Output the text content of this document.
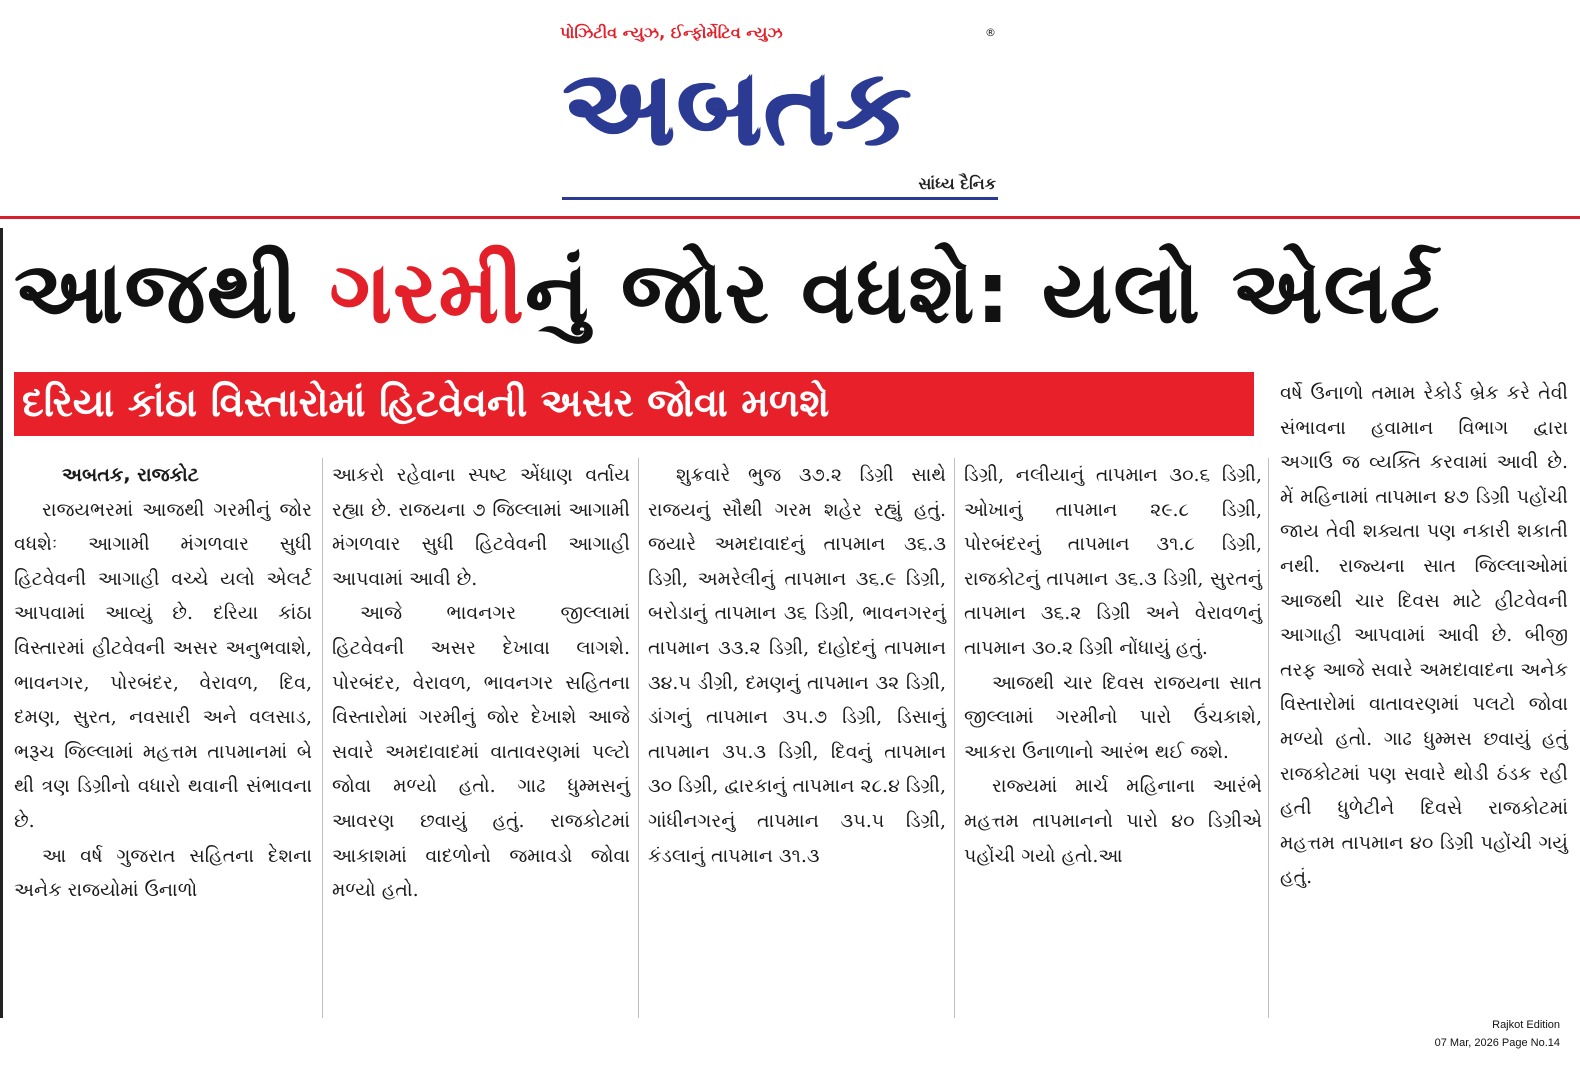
પોઝિટીવ ન્યુઝ, ઈન્ફોર્મેટિવ ન્યુઝ	®
અબતક
સાંધ્ય દૈનિક
આજથી ગરમીનું જોર વધશે: યલો એલર્ટ
દરિયા કાંઠા વિસ્તારોમાં હિટવેવની અસર જોવા મળશે

અબતક, રાજકોટ

રાજયભરમાં આજથી ગરમીનું જોર વધશેઃ આગામી મંગળવાર સુધી હિટવેવની આગાહી વચ્ચે યલો એલર્ટ આપવામાં આવ્યું છે. દરિયા કાંઠા વિસ્તારમાં હીટવેવની અસર અનુભવાશે, ભાવનગર, પોરબંદર, વેરાવળ, દિવ, દમણ, સુરત, નવસારી અને વલસાડ, ભરૂચ જિલ્લામાં મહત્તમ તાપમાનમાં બે થી ત્રણ ડિગ્રીનો વધારો થવાની સંભાવના છે.

આ વર્ષ ગુજરાત સહિતના દેશના અનેક રાજયોમાં ઉનાળો

આકરો રહેવાના સ્પષ્ટ એંધાણ વર્તાય રહ્યા છે. રાજયના ૭ જિલ્લામાં આગામી મંગળવાર સુધી હિટવેવની આગાહી આપવામાં આવી છે.

આજે ભાવનગર જીલ્લામાં હિટવેવની અસર દેખાવા લાગશે. પોરબંદર, વેરાવળ, ભાવનગર સહિતના વિસ્તારોમાં ગરમીનું જોર દેખાશે આજે સવારે અમદાવાદમાં વાતાવરણમાં પલ્ટો જોવા મળ્યો હતો. ગાઢ ધુમ્મસનું આવરણ છવાયું હતું. રાજકોટમાં આકાશમાં વાદળોનો જમાવડો જોવા મળ્યો હતો.

શુક્રવારે ભુજ ૩૭.૨ ડિગ્રી સાથે રાજયનું સૌથી ગરમ શહેર રહ્યું હતું. જયારે અમદાવાદનું તાપમાન ૩૬.૩ ડિગ્રી, અમરેલીનું તાપમાન ૩૬.૯ ડિગ્રી, બરોડાનું તાપમાન ૩૬ ડિગ્રી, ભાવનગરનું તાપમાન ૩૩.૨ ડિગ્રી, દાહોદનું તાપમાન ૩૪.૫ ડીગ્રી, દમણનું તાપમાન ૩૨ ડિગ્રી, ડાંગનું તાપમાન ૩૫.૭ ડિગ્રી, ડિસાનું તાપમાન ૩૫.૩ ડિગ્રી, દિવનું તાપમાન ૩૦ ડિગ્રી, દ્વારકાનું તાપમાન ૨૮.૪ ડિગ્રી, ગાંધીનગરનું તાપમાન ૩૫.૫ ડિગ્રી, કંડલાનું તાપમાન ૩૧.૩

ડિગ્રી, નલીયાનું તાપમાન ૩૦.૬ ડિગ્રી, ઓખાનું તાપમાન ૨૯.૮ ડિગ્રી, પોરબંદરનું તાપમાન ૩૧.૮ ડિગ્રી, રાજકોટનું તાપમાન ૩૬.૩ ડિગ્રી, સુરતનું તાપમાન ૩૬.૨ ડિગ્રી અને વેરાવળનું તાપમાન ૩૦.૨ ડિગ્રી નોંધાયું હતું.

આજથી ચાર દિવસ રાજયના સાત જીલ્લામાં ગરમીનો પારો ઉંચકાશે, આકરા ઉનાળાનો આરંભ થઈ જશે.

રાજ્યમાં માર્ચ મહિનાના આરંભે મહત્તમ તાપમાનનો પારો ૪૦ ડિગ્રીએ પહોંચી ગયો હતો.આ

વર્ષે ઉનાળો તમામ રેકોર્ડ બ્રેક કરે તેવી સંભાવના હવામાન વિભાગ દ્વારા અગાઉ જ વ્યક્તિ કરવામાં આવી છે. મેં મહિનામાં તાપમાન ૪૭ ડિગ્રી પહોંચી જાય તેવી શક્યતા પણ નકારી શકાતી નથી. રાજ્યના સાત જિલ્લાઓમાં આજથી ચાર દિવસ માટે હીટવેવની આગાહી આપવામાં આવી છે. બીજી તરફ આજે સવારે અમદાવાદના અનેક વિસ્તારોમાં વાતાવરણમાં પલટો જોવા મળ્યો હતો. ગાઢ ધુમ્મસ છવાયું હતું રાજકોટમાં પણ સવારે થોડી ઠંડક રહી હતી ધુળેટીને દિવસે રાજકોટમાં મહત્તમ તાપમાન ૪૦ ડિગ્રી પહોંચી ગયું હતું.

Rajkot Edition
07 Mar, 2026 Page No.14
